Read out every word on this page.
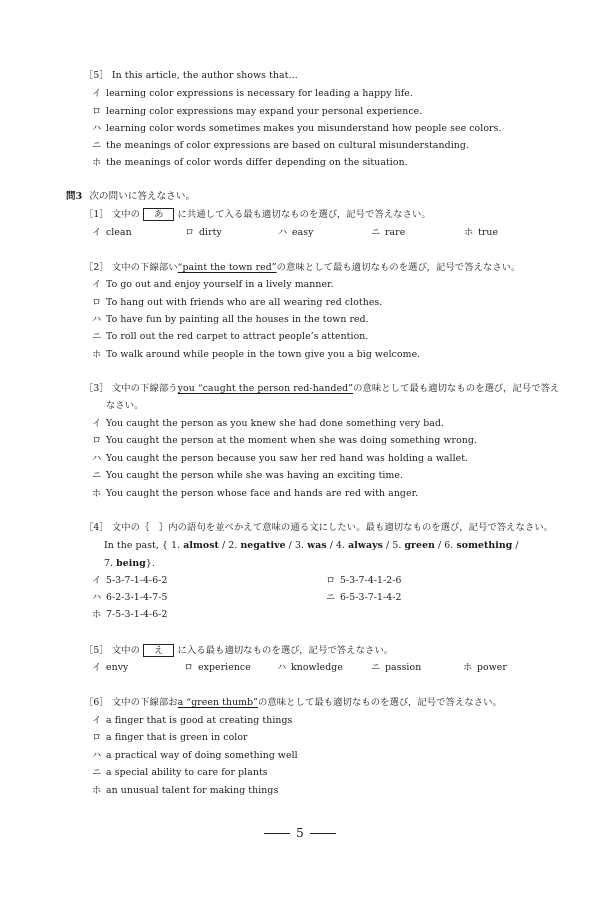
［5］ In this article, the author shows that…
イ learning color expressions is necessary for leading a happy life.
ロ learning color expressions may expand your personal experience.
ハ learning color words sometimes makes you misunderstand how people see colors.
ニ the meanings of color expressions are based on cultural misunderstanding.
ホ the meanings of color words differ depending on the situation.
問3 次の問いに答えなさい。
［1］ 文中の あ に共通して入る最も適切なものを選び，記号で答えなさい。
イ clean	ロ dirty	ハ easy	ニ rare	ホ true
［2］ 文中の下線部い“paint the town red”の意味として最も適切なものを選び，記号で答えなさい。
イ To go out and enjoy yourself in a lively manner.
ロ To hang out with friends who are all wearing red clothes.
ハ To have fun by painting all the houses in the town red.
ニ To roll out the red carpet to attract people’s attention.
ホ To walk around while people in the town give you a big welcome.
［3］ 文中の下線部うyou “caught the person red-handed”の意味として最も適切なものを選び，記号で答え
なさい。
イ You caught the person as you knew she had done something very bad.
ロ You caught the person at the moment when she was doing something wrong.
ハ You caught the person because you saw her red hand was holding a wallet.
ニ You caught the person while she was having an exciting time.
ホ You caught the person whose face and hands are red with anger.
［4］ 文中の｛　｝内の語句を並べかえて意味の通る文にしたい。最も適切なものを選び，記号で答えなさい。
In the past, { 1. almost / 2. negative / 3. was / 4. always / 5. green / 6. something /
7. being}.
イ 5-3-7-1-4-6-2	ロ 5-3-7-4-1-2-6
ハ 6-2-3-1-4-7-5	ニ 6-5-3-7-1-4-2
ホ 7-5-3-1-4-6-2
［5］ 文中の え に入る最も適切なものを選び，記号で答えなさい。
イ envy	ロ experience	ハ knowledge	ニ passion	ホ power
［6］ 文中の下線部おa “green thumb”の意味として最も適切なものを選び，記号で答えなさい。
イ a finger that is good at creating things
ロ a finger that is green in color
ハ a practical way of doing something well
ニ a special ability to care for plants
ホ an unusual talent for making things
5
